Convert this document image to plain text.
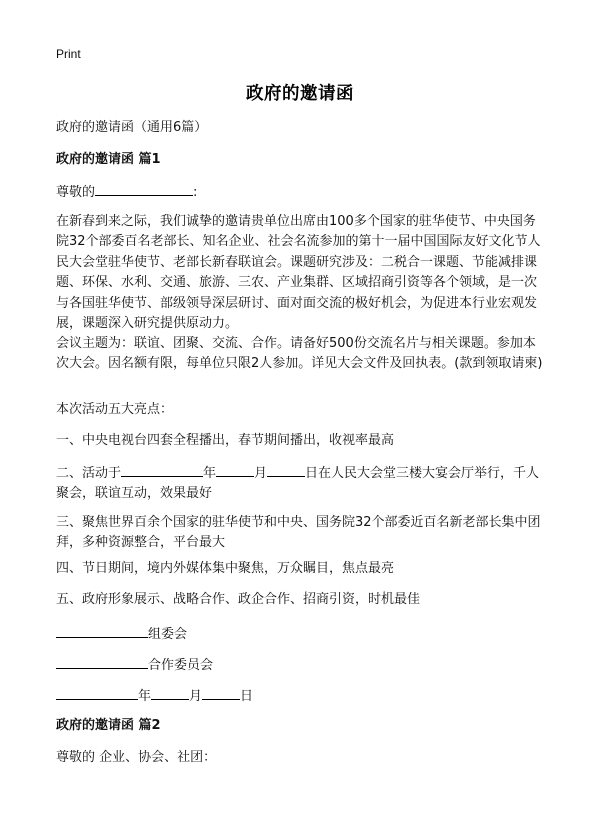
Print
政府的邀请函
政府的邀请函（通用6篇）
政府的邀请函 篇1
尊敬的	:
在新春到来之际，我们诚挚的邀请贵单位出席由100多个国家的驻华使节、中央国务院32个部委百名老部长、知名企业、社会名流参加的第十一届中国国际友好文化节人民大会堂驻华使节、老部长新春联谊会。课题研究涉及：二税合一课题、节能减排课题、环保、水利、交通、旅游、三农、产业集群、区域招商引资等各个领域，是一次与各国驻华使节、部级领导深层研讨、面对面交流的极好机会，为促进本行业宏观发展，课题深入研究提供原动力。
会议主题为：联谊、团聚、交流、合作。请备好500份交流名片与相关课题。参加本次大会。因名额有限，每单位只限2人参加。详见大会文件及回执表。(款到领取请柬)
本次活动五大亮点：
一、中央电视台四套全程播出，春节期间播出，收视率最高
二、活动于	年	月	日在人民大会堂三楼大宴会厅举行，千人聚会，联谊互动，效果最好
三、聚焦世界百余个国家的驻华使节和中央、国务院32个部委近百名新老部长集中团拜，多种资源整合，平台最大
四、节日期间，境内外媒体集中聚焦，万众瞩目，焦点最亮
五、政府形象展示、战略合作、政企合作、招商引资，时机最佳
组委会
合作委员会
年	月	日
政府的邀请函 篇2
尊敬的 企业、协会、社团：
